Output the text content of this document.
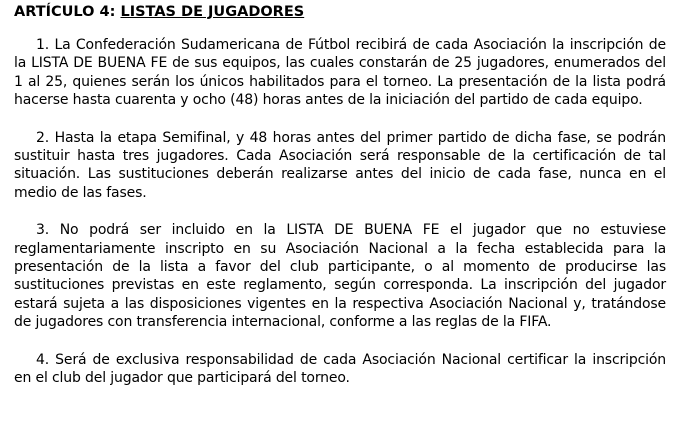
ARTÍCULO 4: LISTAS DE JUGADORES

1. La Confederación Sudamericana de Fútbol recibirá de cada Asociación la inscripción de la LISTA DE BUENA FE de sus equipos, las cuales constarán de 25 jugadores, enumerados del 1 al 25, quienes serán los únicos habilitados para el torneo. La presentación de la lista podrá hacerse hasta cuarenta y ocho (48) horas antes de la iniciación del partido de cada equipo.

2. Hasta la etapa Semifinal, y 48 horas antes del primer partido de dicha fase, se podrán sustituir hasta tres jugadores. Cada Asociación será responsable de la certificación de tal situación. Las sustituciones deberán realizarse antes del inicio de cada fase, nunca en el medio de las fases.

3. No podrá ser incluido en la LISTA DE BUENA FE el jugador que no estuviese reglamentariamente inscripto en su Asociación Nacional a la fecha establecida para la presentación de la lista a favor del club participante, o al momento de producirse las sustituciones previstas en este reglamento, según corresponda. La inscripción del jugador estará sujeta a las disposiciones vigentes en la respectiva Asociación Nacional y, tratándose de jugadores con transferencia internacional, conforme a las reglas de la FIFA.

4. Será de exclusiva responsabilidad de cada Asociación Nacional certificar la inscripción en el club del jugador que participará del torneo.
